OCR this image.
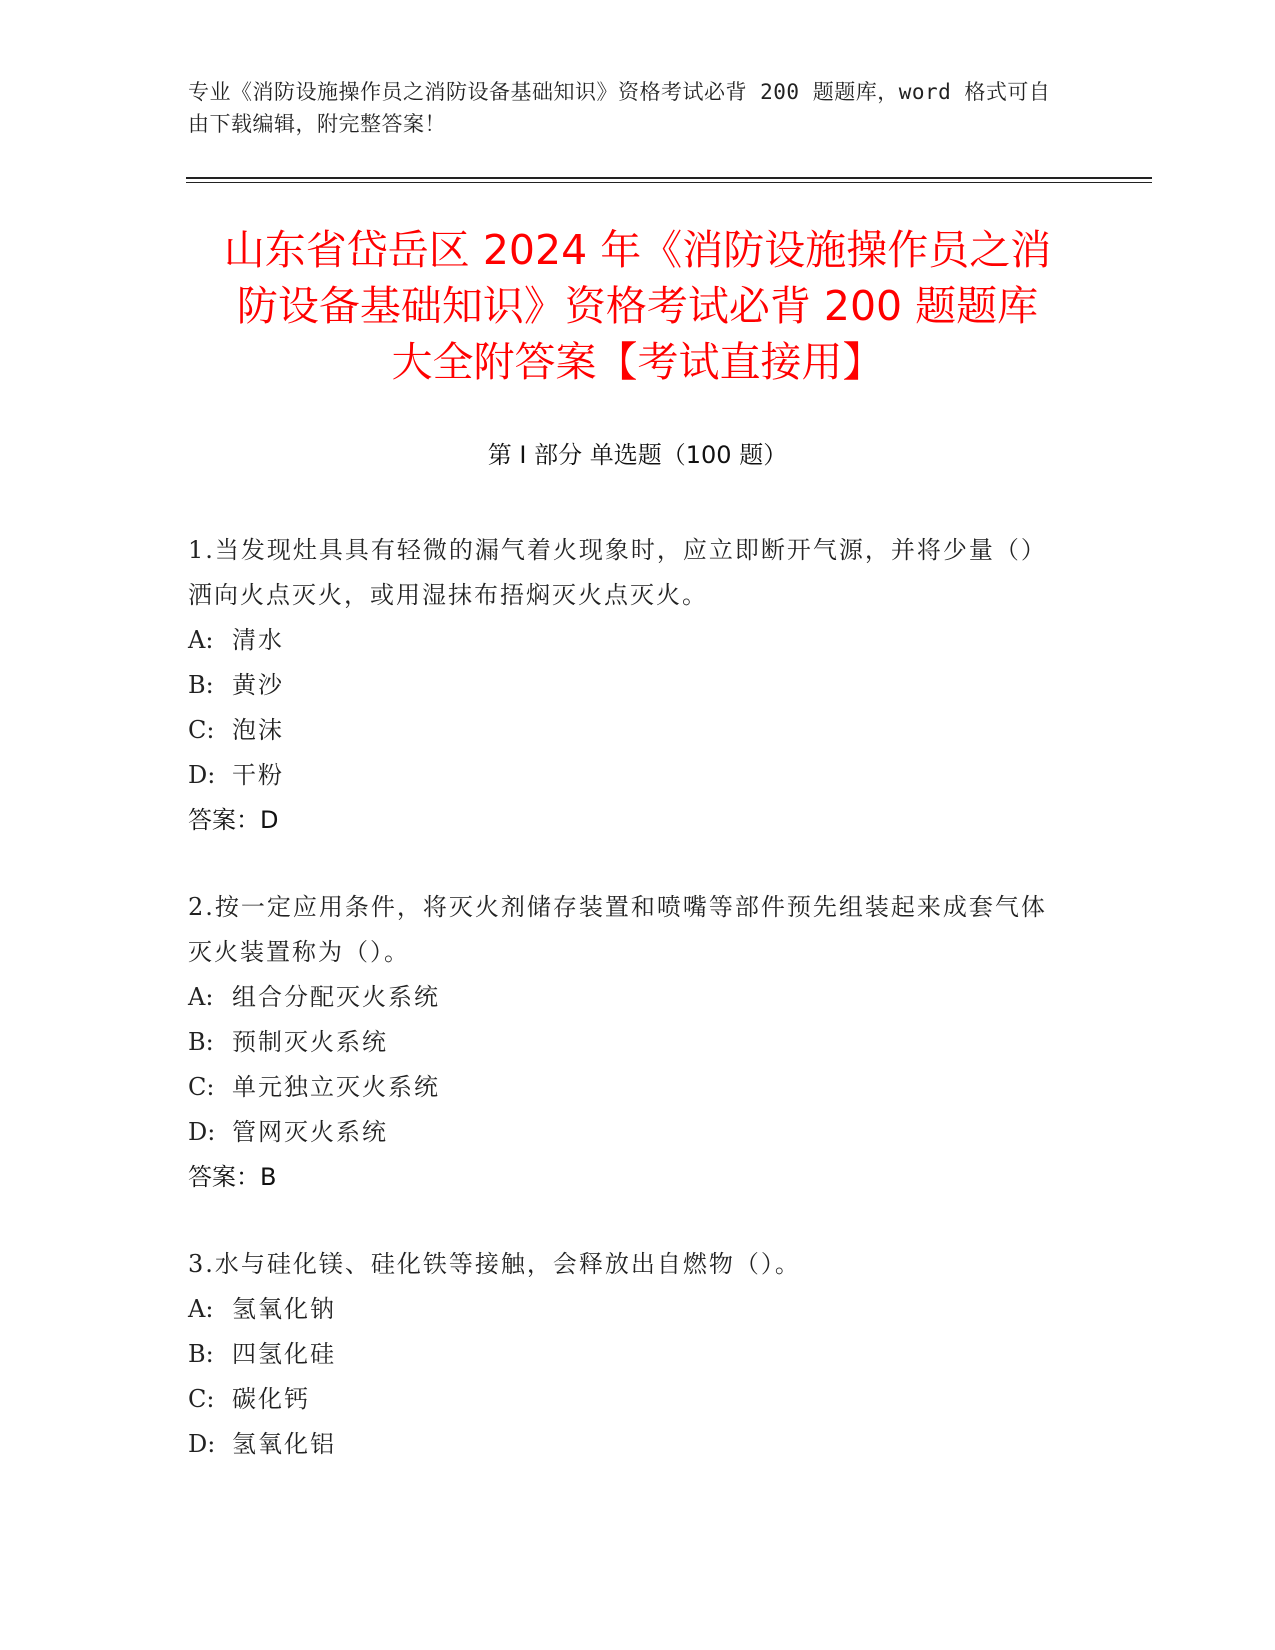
专业《消防设施操作员之消防设备基础知识》资格考试必背 200 题题库，word 格式可自由下载编辑，附完整答案！
山东省岱岳区 2024 年《消防设施操作员之消
防设备基础知识》资格考试必背 200 题题库
大全附答案【考试直接用】
第 I 部分 单选题（100 题）
1.当发现灶具具有轻微的漏气着火现象时，应立即断开气源，并将少量（）洒向火点灭火，或用湿抹布捂焖灭火点灭火。
A: 清水
B: 黄沙
C: 泡沫
D: 干粉
答案：D
2.按一定应用条件，将灭火剂储存装置和喷嘴等部件预先组装起来成套气体灭火装置称为（）。
A: 组合分配灭火系统
B: 预制灭火系统
C: 单元独立灭火系统
D: 管网灭火系统
答案：B
3.水与硅化镁、硅化铁等接触，会释放出自燃物（）。
A: 氢氧化钠
B: 四氢化硅
C: 碳化钙
D: 氢氧化铝
